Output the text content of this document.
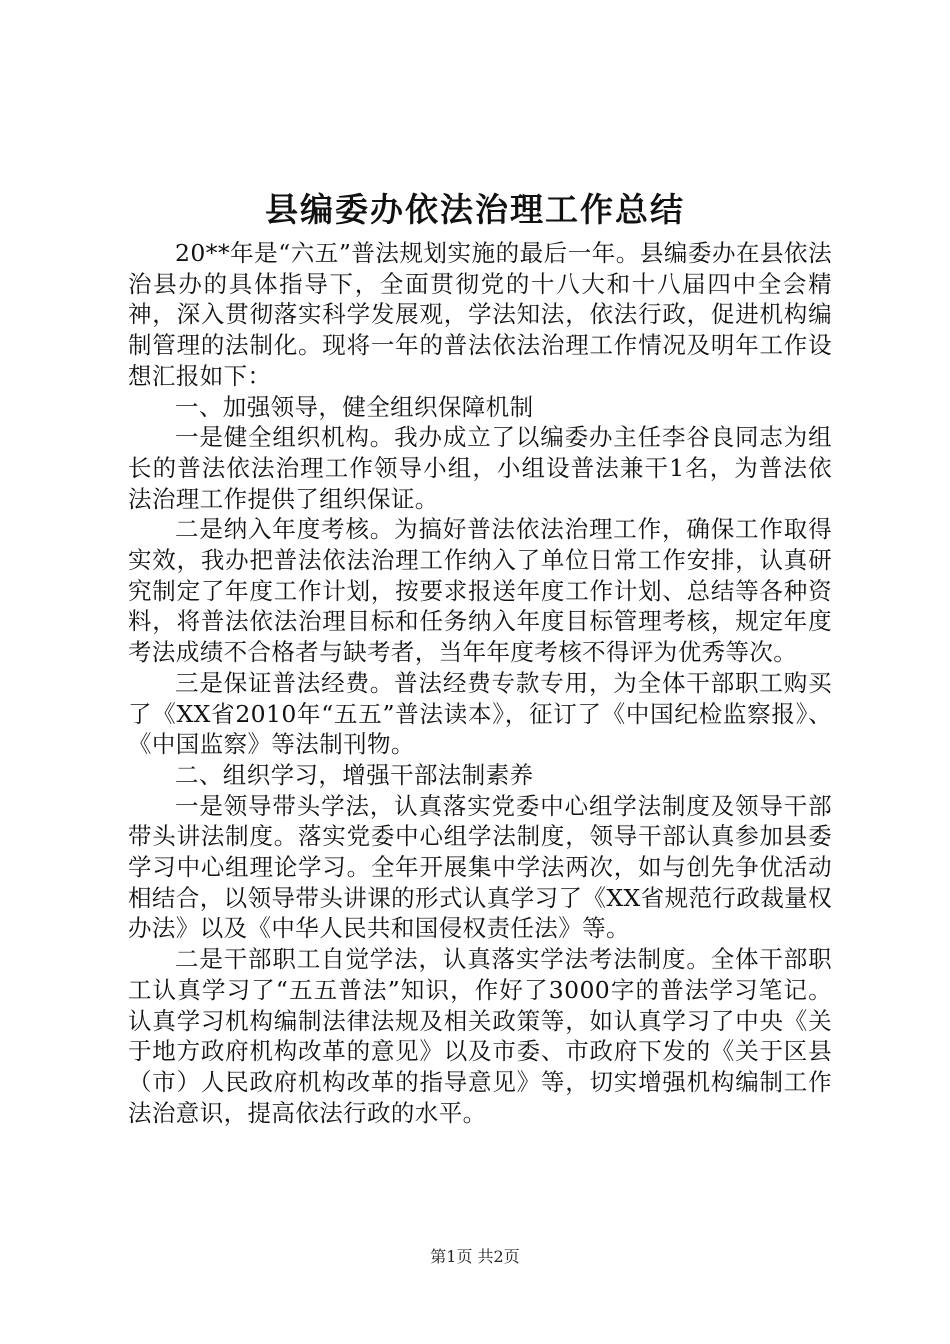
县编委办依法治理工作总结

20**年是“六五”普法规划实施的最后一年。县编委办在县依法治县办的具体指导下，全面贯彻党的十八大和十八届四中全会精神，深入贯彻落实科学发展观，学法知法，依法行政，促进机构编制管理的法制化。现将一年的普法依法治理工作情况及明年工作设想汇报如下：

一、加强领导，健全组织保障机制

一是健全组织机构。我办成立了以编委办主任李谷良同志为组长的普法依法治理工作领导小组，小组设普法兼干1名，为普法依法治理工作提供了组织保证。

二是纳入年度考核。为搞好普法依法治理工作，确保工作取得实效，我办把普法依法治理工作纳入了单位日常工作安排，认真研究制定了年度工作计划，按要求报送年度工作计划、总结等各种资料，将普法依法治理目标和任务纳入年度目标管理考核，规定年度考法成绩不合格者与缺考者，当年年度考核不得评为优秀等次。

三是保证普法经费。普法经费专款专用，为全体干部职工购买了《XX省2010年“五五”普法读本》，征订了《中国纪检监察报》、《中国监察》等法制刊物。

二、组织学习，增强干部法制素养

一是领导带头学法，认真落实党委中心组学法制度及领导干部带头讲法制度。落实党委中心组学法制度，领导干部认真参加县委学习中心组理论学习。全年开展集中学法两次，如与创先争优活动相结合，以领导带头讲课的形式认真学习了《XX省规范行政裁量权办法》以及《中华人民共和国侵权责任法》等。

二是干部职工自觉学法，认真落实学法考法制度。全体干部职工认真学习了“五五普法”知识，作好了3000字的普法学习笔记。认真学习机构编制法律法规及相关政策等，如认真学习了中央《关于地方政府机构改革的意见》以及市委、市政府下发的《关于区县（市）人民政府机构改革的指导意见》等，切实增强机构编制工作法治意识，提高依法行政的水平。

第1页 共2页
